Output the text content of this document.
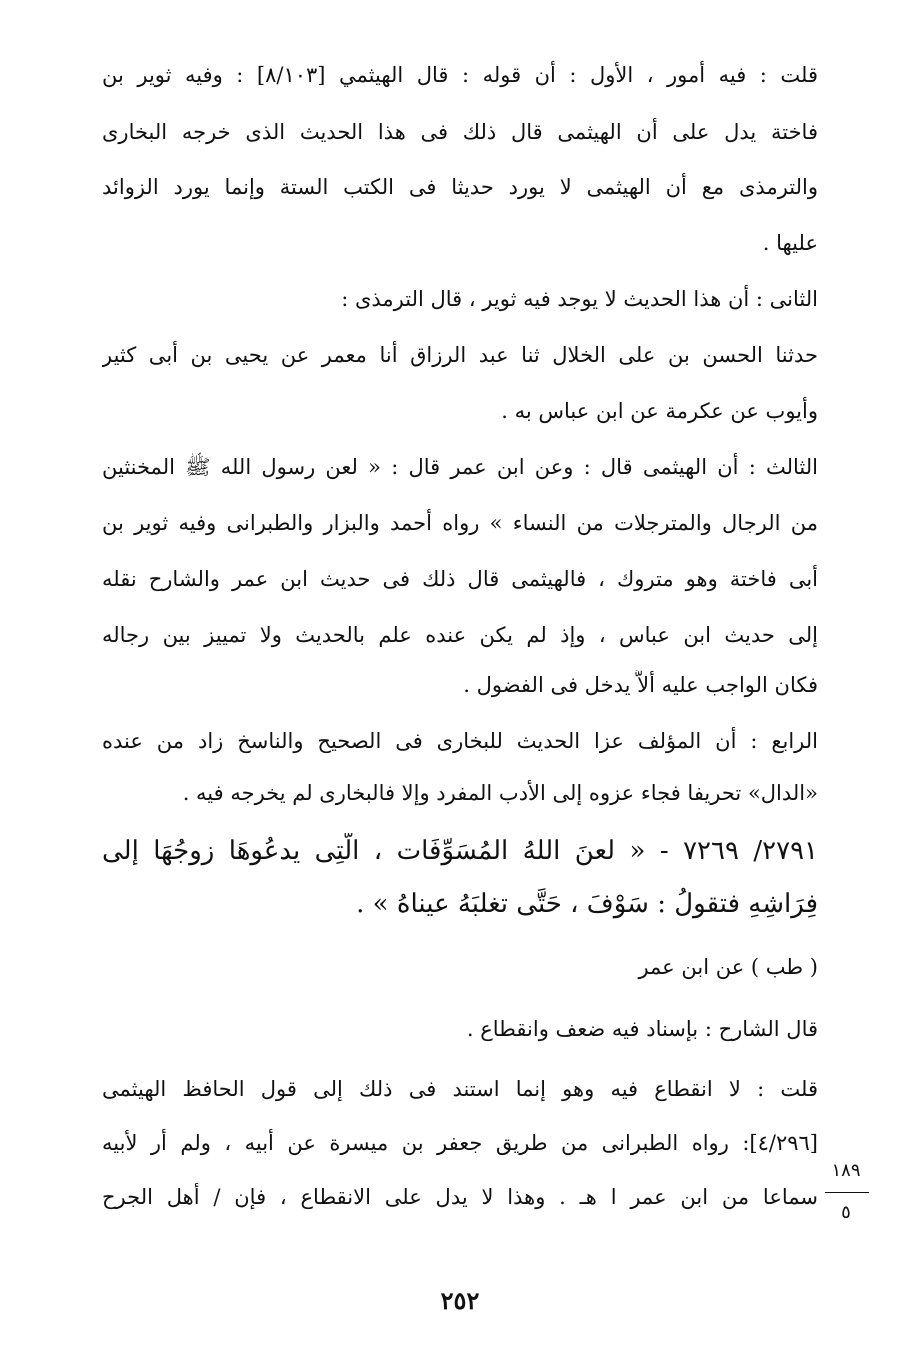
قلت : فيه أمور ، الأول : أن قوله : قال الهيثمي [٨/١٠٣] : وفيه ثوير بن
فاختة يدل على أن الهيثمى قال ذلك فى هذا الحديث الذى خرجه البخارى
والترمذى مع أن الهيثمى لا يورد حديثا فى الكتب الستة وإنما يورد الزوائد
عليها .
الثانى : أن هذا الحديث لا يوجد فيه ثوير ، قال الترمذى :
حدثنا الحسن بن على الخلال ثنا عبد الرزاق أنا معمر عن يحيى بن أبى كثير
وأيوب عن عكرمة عن ابن عباس به .
الثالث : أن الهيثمى قال : وعن ابن عمر قال : « لعن رسول الله ﷺ المخنثين
من الرجال والمترجلات من النساء » رواه أحمد والبزار والطبرانى وفيه ثوير بن
أبى فاختة وهو متروك ، فالهيثمى قال ذلك فى حديث ابن عمر والشارح نقله
إلى حديث ابن عباس ، وإذ لم يكن عنده علم بالحديث ولا تمييز بين رجاله
فكان الواجب عليه ألاَّ يدخل فى الفضول .
الرابع : أن المؤلف عزا الحديث للبخارى فى الصحيح والناسخ زاد من عنده
«الدال» تحريفا فجاء عزوه إلى الأدب المفرد وإلا فالبخارى لم يخرجه فيه .
٢٧٩١/ ٧٢٦٩ - « لعنَ اللهُ المُسَوِّفَات ، الَّتِى يدعُوهَا زوجُهَا إلى
فِرَاشِهِ فتقولُ : سَوْفَ ، حَتَّى تغلبَهُ عيناهُ » .
( طب ) عن ابن عمر
قال الشارح : بإسناد فيه ضعف وانقطاع .
قلت : لا انقطاع فيه وهو إنما استند فى ذلك إلى قول الحافظ الهيثمى
[٤/٢٩٦]: رواه الطبرانى من طريق جعفر بن ميسرة عن أبيه ، ولم أر لأبيه
سماعا من ابن عمر ا هـ . وهذا لا يدل على الانقطاع ، فإن / أهل الجرح
١٨٩
٥
٢٥٢
